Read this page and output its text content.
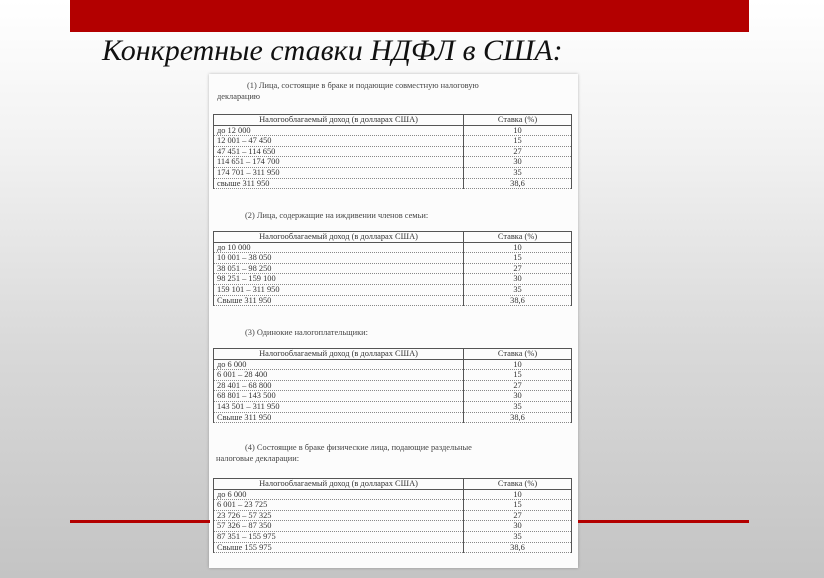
Конкретные ставки НДФЛ в США:

(1) Лица, состоящие в браке и подающие совместную налоговую

декларацию

Налогооблагаемый доход (в долларах США)	Ставка (%)
до 12 000	10
12 001 – 47 450	15
47 451 – 114 650	27
114 651 – 174 700	30
174 701 – 311 950	35
свыше 311 950	38,6

(2) Лица, содержащие на иждивении членов семьи:

Налогооблагаемый доход (в долларах США)	Ставка (%)
до 10 000	10
10 001 – 38 050	15
38 051 – 98 250	27
98 251 – 159 100	30
159 101 – 311 950	35
Свыше 311 950	38,6

(3) Одинокие налогоплательщики:

Налогооблагаемый доход (в долларах США)	Ставка (%)
до 6 000	10
6 001 – 28 400	15
28 401 – 68 800	27
68 801 – 143 500	30
143 501 – 311 950	35
Свыше 311 950	38,6

(4) Состоящие в браке физические лица, подающие раздельные

налоговые декларации:

Налогооблагаемый доход (в долларах США)	Ставка (%)
до 6 000	10
6 001 – 23 725	15
23 726 – 57 325	27
57 326 – 87 350	30
87 351 – 155 975	35
Свыше 155 975	38,6
